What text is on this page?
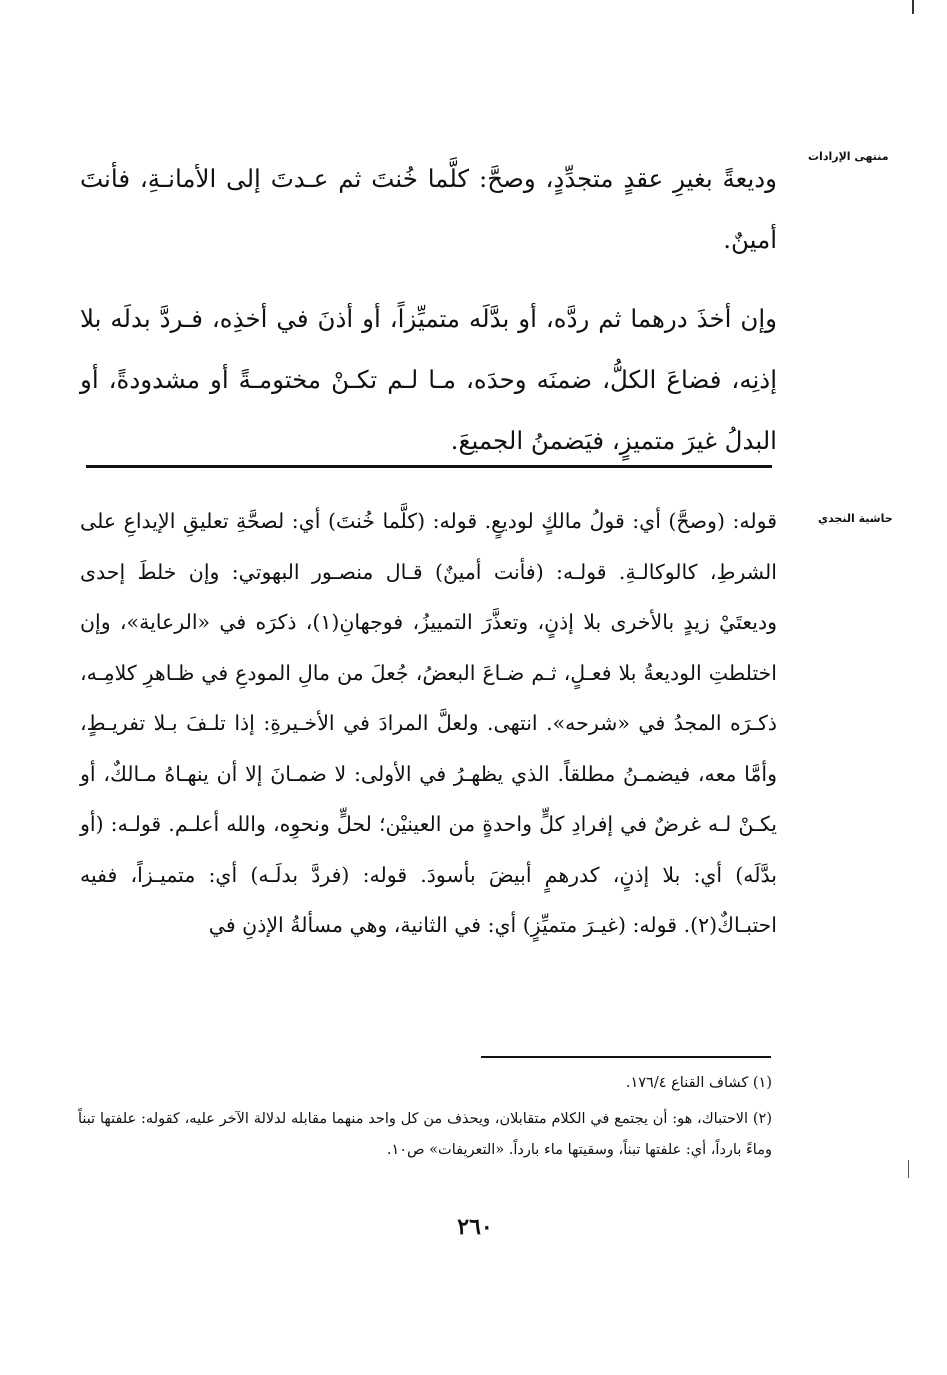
منتهى الإرادات

وديعةً بغيرِ عقدٍ متجدِّدٍ، وصحَّ: كلَّما خُنتَ ثم عـدتَ إلى الأمانـةِ، فأنتَ أمينٌ.

وإن أخذَ درهما ثم ردَّه، أو بدَّلَه متميِّزاً، أو أذنَ في أخذِه، فـردَّ بدلَه بلا إذنِه، فضاعَ الكلُّ، ضمنَه وحدَه، مـا لـم تكـنْ مختومـةً أو مشدودةً، أو البدلُ غيرَ متميزٍ، فيَضمنُ الجميعَ.

حاشية النجدي

قوله: (وصحَّ) أي: قولُ مالكٍ لوديعٍ. قوله: (كلَّما خُنتَ) أي: لصحَّةِ تعليقِ الإيداعِ على الشرطِ، كالوكالـةِ. قولـه: (فأنت أمينٌ) قـال منصـور البهوتي: وإن خلطَ إحدى وديعتَيْ زيدٍ بالأخرى بلا إذنٍ، وتعذَّرَ التمييزُ، فوجهانِ(١)، ذكرَه في «الرعاية»، وإن اختلطتِ الوديعةُ بلا فعـلٍ، ثـم ضـاعَ البعضُ، جُعلَ من مالِ المودعِ في ظـاهرِ كلامِـه، ذكـرَه المجدُ في «شرحه». انتهى. ولعلَّ المرادَ في الأخـيرةِ: إذا تلـفَ بـلا تفريـطٍ، وأمَّا معه، فيضمـنُ مطلقاً. الذي يظهـرُ في الأولى: لا ضمـانَ إلا أن ينهـاهُ مـالكٌ، أو يكـنْ لـه غرضٌ في إفرادِ كلٍّ واحدةٍ من العينيْن؛ لحلٍّ ونحوِه، والله أعلـم. قولـه: (أو بدَّلَه) أي: بلا إذنٍ، كدرهمٍ أبيضَ بأسودَ. قوله: (فردَّ بدلَـه) أي: متميـزاً، ففيه احتبـاكٌ(٢). قوله: (غيـرَ متميِّزٍ) أي: في الثانية، وهي مسألةُ الإذنِ في

(١) كشاف القناع ١٧٦/٤.

(٢) الاحتباك، هو: أن يجتمع في الكلام متقابلان، ويحذف من كل واحد منهما مقابله لدلالة الآخر عليه، كقوله: علفتها تبناً وماءً بارداً، أي: علفتها تبناً، وسقيتها ماء بارداً. «التعريفات» ص١٠.

٢٦٠
